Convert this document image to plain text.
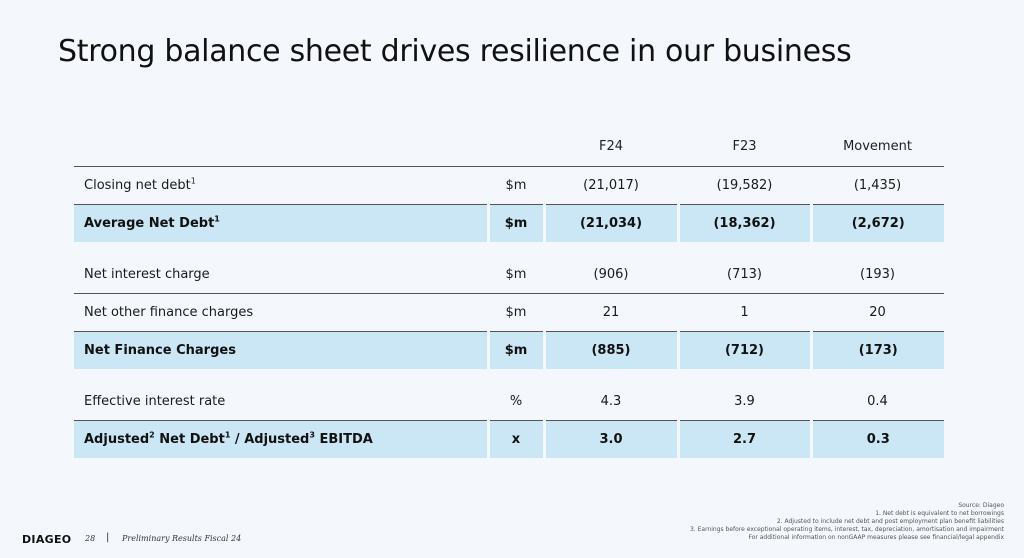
Strong balance sheet drives resilience in our business
		F24	F23	Movement
Closing net debt$^1$	$m	(21,017)	(19,582)	(1,435)
Average Net Debt$^1$	$m	(21,034)	(18,362)	(2,672)

Net interest charge	$m	(906)	(713)	(193)
Net other finance charges	$m	21	1	20
Net Finance Charges	$m	(885)	(712)	(173)

Effective interest rate	%	4.3	3.9	0.4
Adjusted$^2$ Net Debt$^1$ / Adjusted$^3$ EBITDA	x	3.0	2.7	0.3
DIAGEO 28 | Preliminary Results Fiscal 24
Source: Diageo
1. Net debt is equivalent to net borrowings
2. Adjusted to include net debt and post employment plan benefit liabilities
3. Earnings before exceptional operating items, interest, tax, depreciation, amortisation and impairment
For additional information on nonGAAP measures please see financial/legal appendix
